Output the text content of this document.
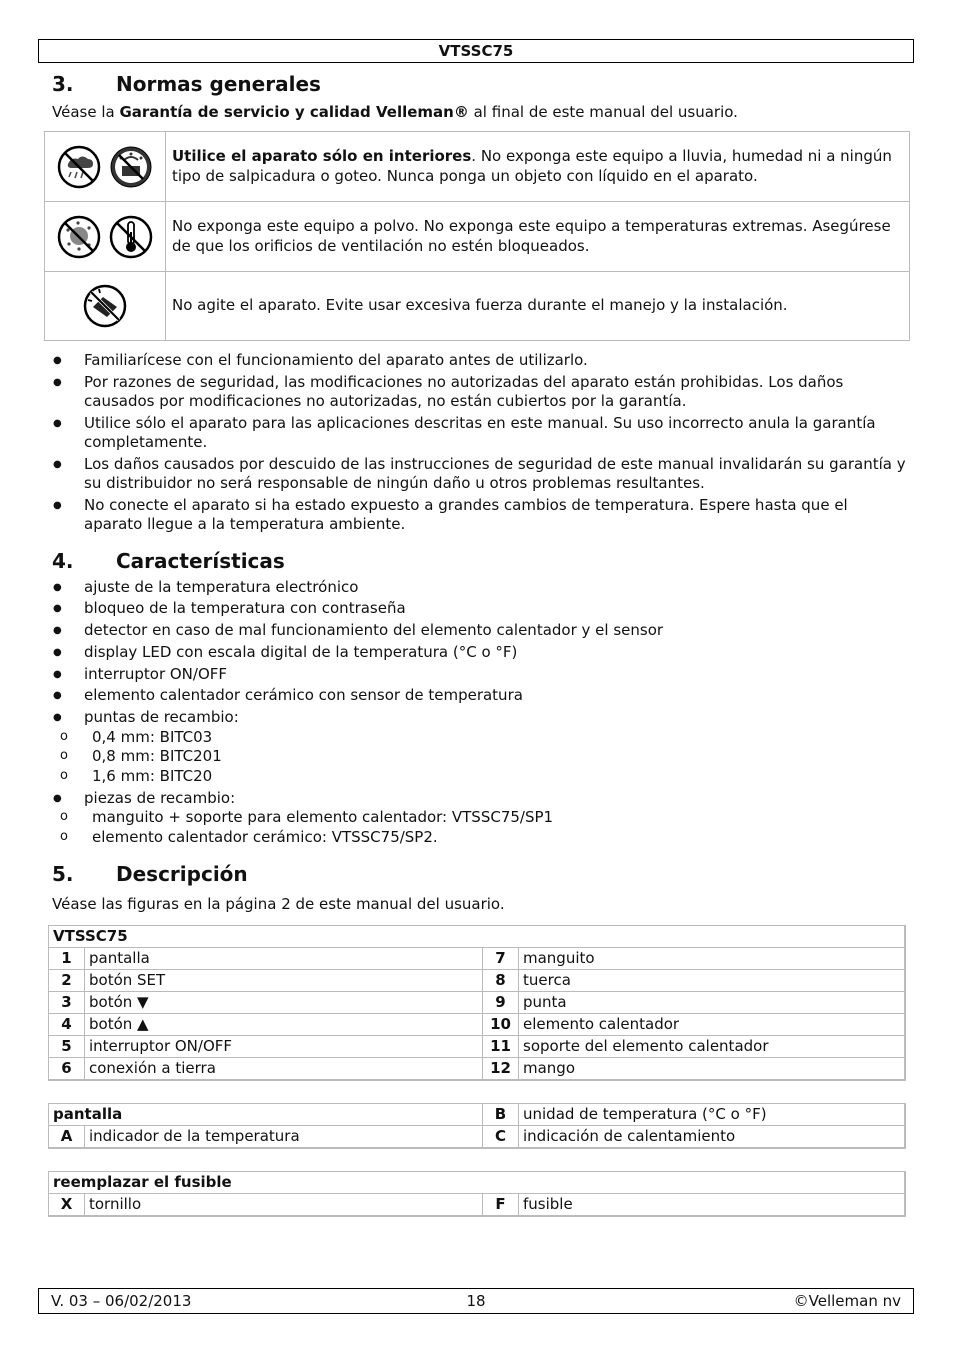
VTSSC75
3.	Normas generales

Véase la Garantía de servicio y calidad Velleman® al final de este manual del usuario.

	Utilice el aparato sólo en interiores. No exponga este equipo a lluvia, humedad ni a ningún tipo de salpicadura o goteo. Nunca ponga un objeto con líquido en el aparato.
	No exponga este equipo a polvo. No exponga este equipo a temperaturas extremas. Asegúrese de que los orificios de ventilación no estén bloqueados.
	No agite el aparato. Evite usar excesiva fuerza durante el manejo y la instalación.
● Familiarícese con el funcionamiento del aparato antes de utilizarlo.
● Por razones de seguridad, las modificaciones no autorizadas del aparato están prohibidas. Los daños causados por modificaciones no autorizadas, no están cubiertos por la garantía.
● Utilice sólo el aparato para las aplicaciones descritas en este manual. Su uso incorrecto anula la garantía completamente.
● Los daños causados por descuido de las instrucciones de seguridad de este manual invalidarán su garantía y su distribuidor no será responsable de ningún daño u otros problemas resultantes.
● No conecte el aparato si ha estado expuesto a grandes cambios de temperatura. Espere hasta que el aparato llegue a la temperatura ambiente.
4.	Características
● ajuste de la temperatura electrónico
● bloqueo de la temperatura con contraseña
● detector en caso de mal funcionamiento del elemento calentador y el sensor
● display LED con escala digital de la temperatura (°C o °F)
● interruptor ON/OFF
● elemento calentador cerámico con sensor de temperatura
● puntas de recambio:
o 0,4 mm: BITC03
o 0,8 mm: BITC201
o 1,6 mm: BITC20
● piezas de recambio:
o manguito + soporte para elemento calentador: VTSSC75/SP1
o elemento calentador cerámico: VTSSC75/SP2.
5.	Descripción

Véase las figuras en la página 2 de este manual del usuario.

VTSSC75			
1	pantalla	7	manguito
2	botón SET	8	tuerca
3	botón ▼	9	punta
4	botón ▲	10	elemento calentador
5	interruptor ON/OFF	11	soporte del elemento calentador
6	conexión a tierra	12	mango
pantalla		B	unidad de temperatura (°C o °F)
A	indicador de la temperatura	C	indicación de calentamiento
reemplazar el fusible
X	tornillo	F	fusible
V. 03 – 06/02/2013	18	©Velleman nv
